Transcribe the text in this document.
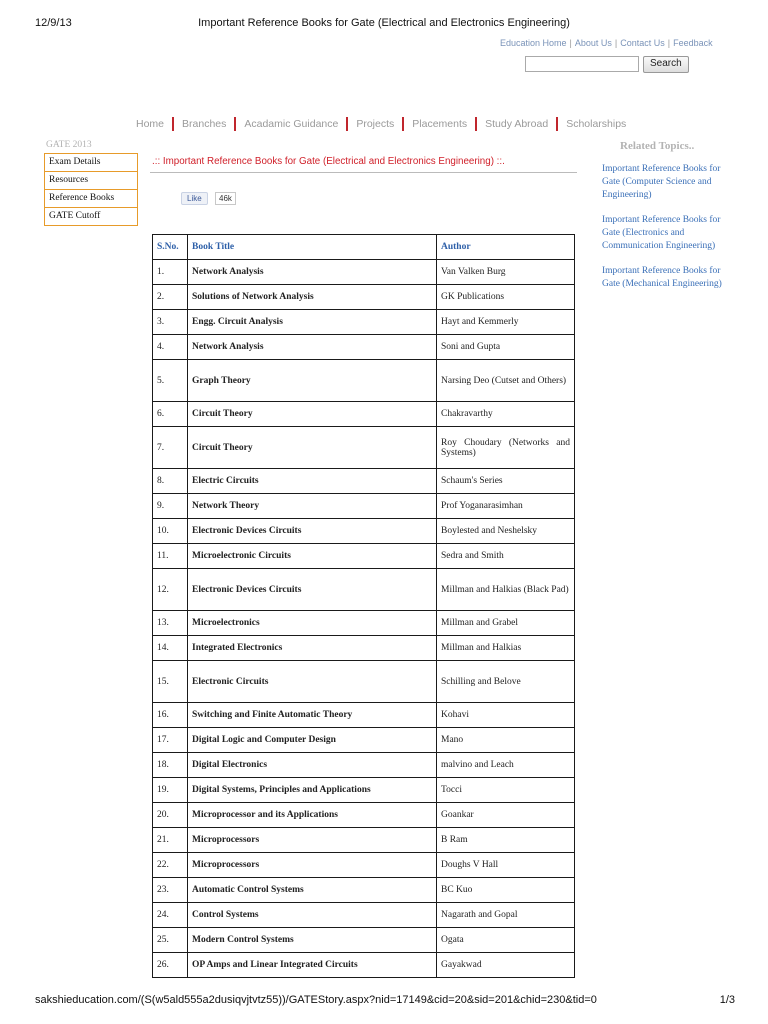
12/9/13	Important Reference Books for Gate (Electrical and Electronics Engineering)
Education Home | About Us | Contact Us | Feedback
Search
Home Branches Acadamic Guidance Projects Placements Study Abroad Scholarships
GATE 2013
Exam Details
Resources
Reference Books
GATE Cutoff
.:: Important Reference Books for Gate (Electrical and Electronics Engineering) ::.
Like	46k
S.No.	Book Title	Author
1.	Network Analysis	Van Valken Burg
2.	Solutions of Network Analysis	GK Publications
3.	Engg. Circuit Analysis	Hayt and Kemmerly
4.	Network Analysis	Soni and Gupta
5.	Graph Theory	Narsing Deo (Cutset and Others)
6.	Circuit Theory	Chakravarthy
7.	Circuit Theory	Roy Choudary (Networks and Systems)
8.	Electric Circuits	Schaum's Series
9.	Network Theory	Prof Yoganarasimhan
10.	Electronic Devices Circuits	Boylested and Neshelsky
11.	Microelectronic Circuits	Sedra and Smith
12.	Electronic Devices Circuits	Millman and Halkias (Black Pad)
13.	Microelectronics	Millman and Grabel
14.	Integrated Electronics	Millman and Halkias
15.	Electronic Circuits	Schilling and Belove
16.	Switching and Finite Automatic Theory	Kohavi
17.	Digital Logic and Computer Design	Mano
18.	Digital Electronics	malvino and Leach
19.	Digital Systems, Principles and Applications	Tocci
20.	Microprocessor and its Applications	Goankar
21.	Microprocessors	B Ram
22.	Microprocessors	Doughs V Hall
23.	Automatic Control Systems	BC Kuo
24.	Control Systems	Nagarath and Gopal
25.	Modern Control Systems	Ogata
26.	OP Amps and Linear Integrated Circuits	Gayakwad
Related Topics..
Important Reference Books for Gate (Computer Science and Engineering)
Important Reference Books for Gate (Electronics and Communication Engineering)
Important Reference Books for Gate (Mechanical Engineering)
sakshieducation.com/(S(w5ald555a2dusiqvjtvtz55))/GATEStory.aspx?nid=17149&cid=20&sid=201&chid=230&tid=0	1/3
